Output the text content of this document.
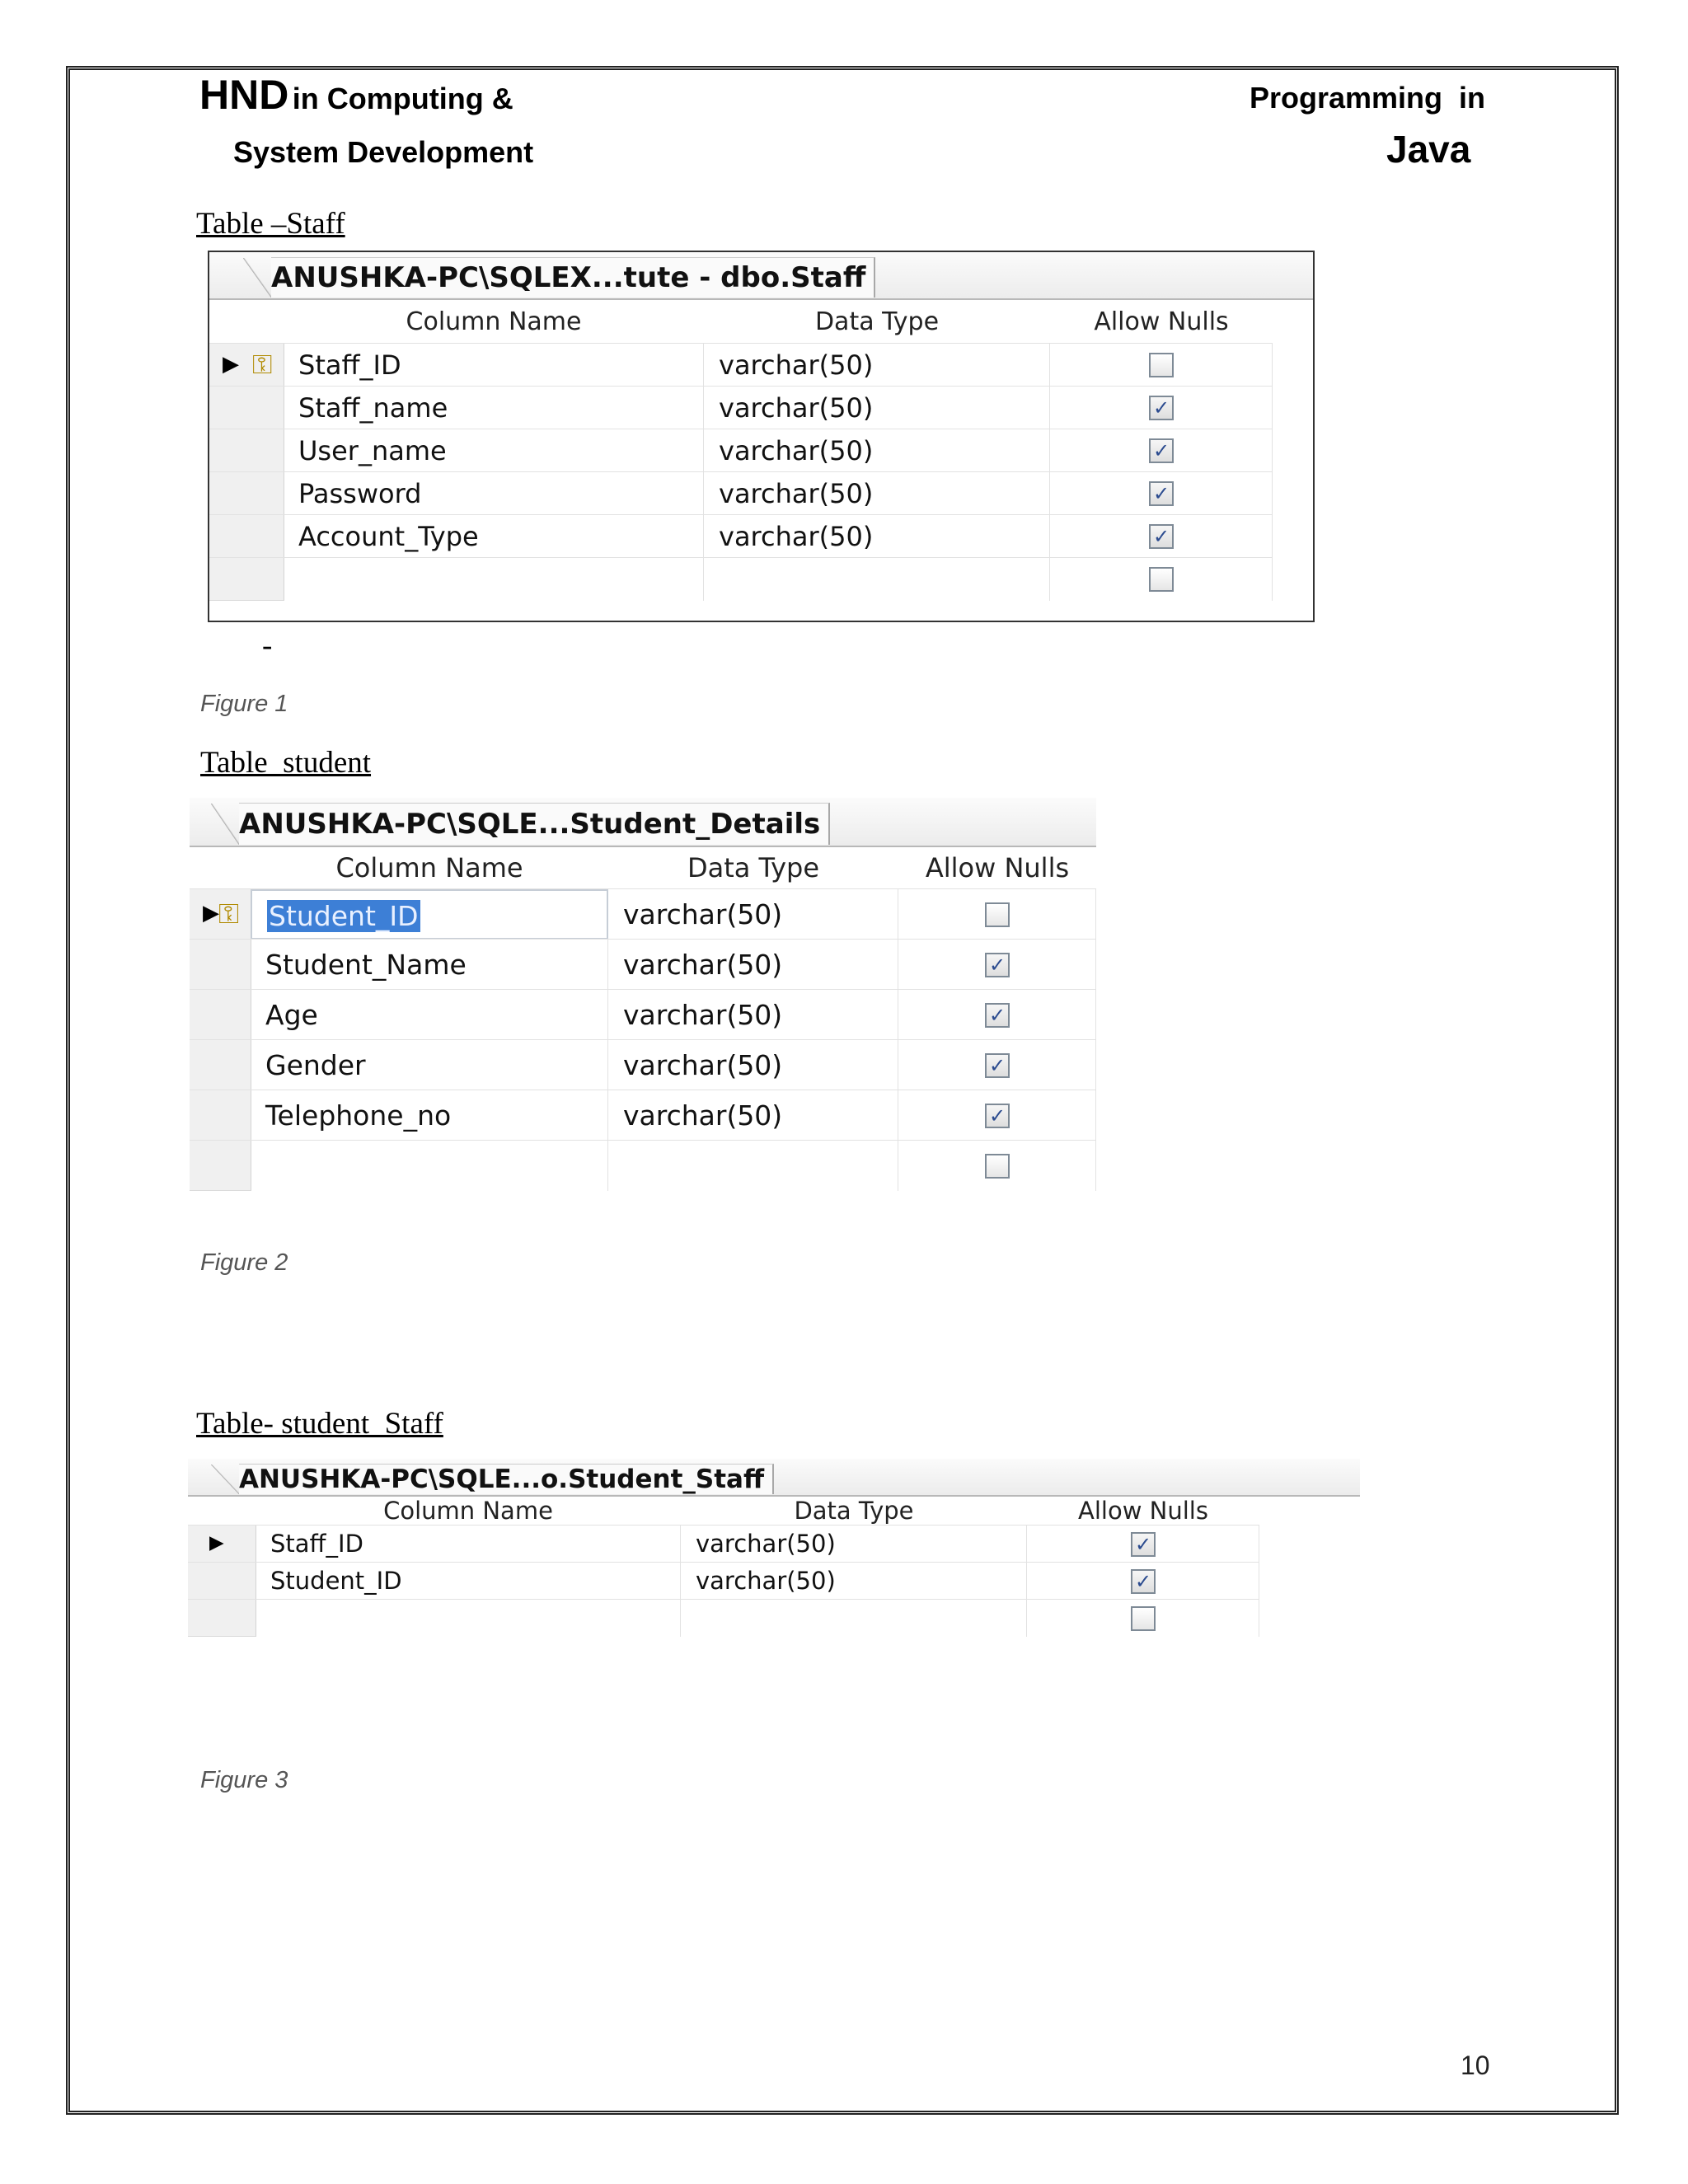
HND in Computing &
System Development
Programming  in
Java
Table –Staff
ANUSHKA-PC\SQLEX...tute - dbo.Staff
Column Name	Data Type	Allow Nulls
▶ ⚿ Staff_ID	varchar(50)
Staff_name	varchar(50)	✓
User_name	varchar(50)	✓
Password	varchar(50)	✓
Account_Type	varchar(50)	✓
-
Figure 1
Table_student
ANUSHKA-PC\SQLE...Student_Details
Column Name	Data Type	Allow Nulls
▶ ⚿	Student_ID	varchar(50)
Student_Name	varchar(50)	✓
Age	varchar(50)	✓
Gender	varchar(50)	✓
Telephone_no	varchar(50)	✓
Figure 2
Table- student_Staff
ANUSHKA-PC\SQLE...o.Student_Staff
Column Name	Data Type	Allow Nulls
▶	Staff_ID	varchar(50)	✓
Student_ID	varchar(50)	✓
Figure 3
10
